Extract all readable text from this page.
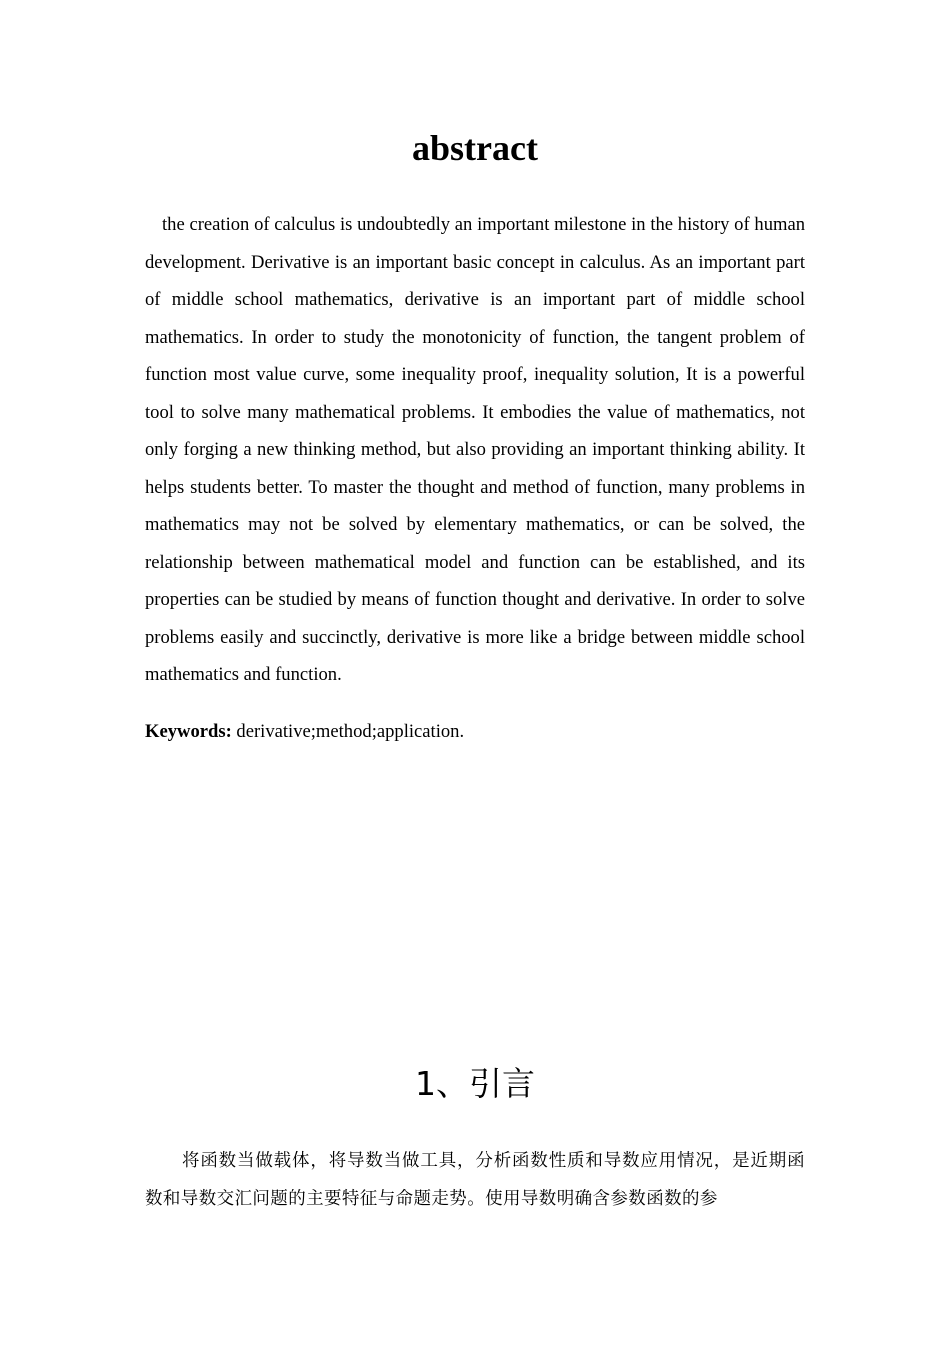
abstract

the creation of calculus is undoubtedly an important milestone in the history of human development. Derivative is an important basic concept in calculus. As an important part of middle school mathematics, derivative is an important part of middle school mathematics. In order to study the monotonicity of function, the tangent problem of function most value curve, some inequality proof, inequality solution, It is a powerful tool to solve many mathematical problems. It embodies the value of mathematics, not only forging a new thinking method, but also providing an important thinking ability. It helps students better. To master the thought and method of function, many problems in mathematics may not be solved by elementary mathematics, or can be solved, the relationship between mathematical model and function can be established, and its properties can be studied by means of function thought and derivative. In order to solve problems easily and succinctly, derivative is more like a bridge between middle school mathematics and function.

Keywords: derivative;method;application.

1、引言

将函数当做载体，将导数当做工具，分析函数性质和导数应用情况，是近期函数和导数交汇问题的主要特征与命题走势。使用导数明确含参数函数的参
